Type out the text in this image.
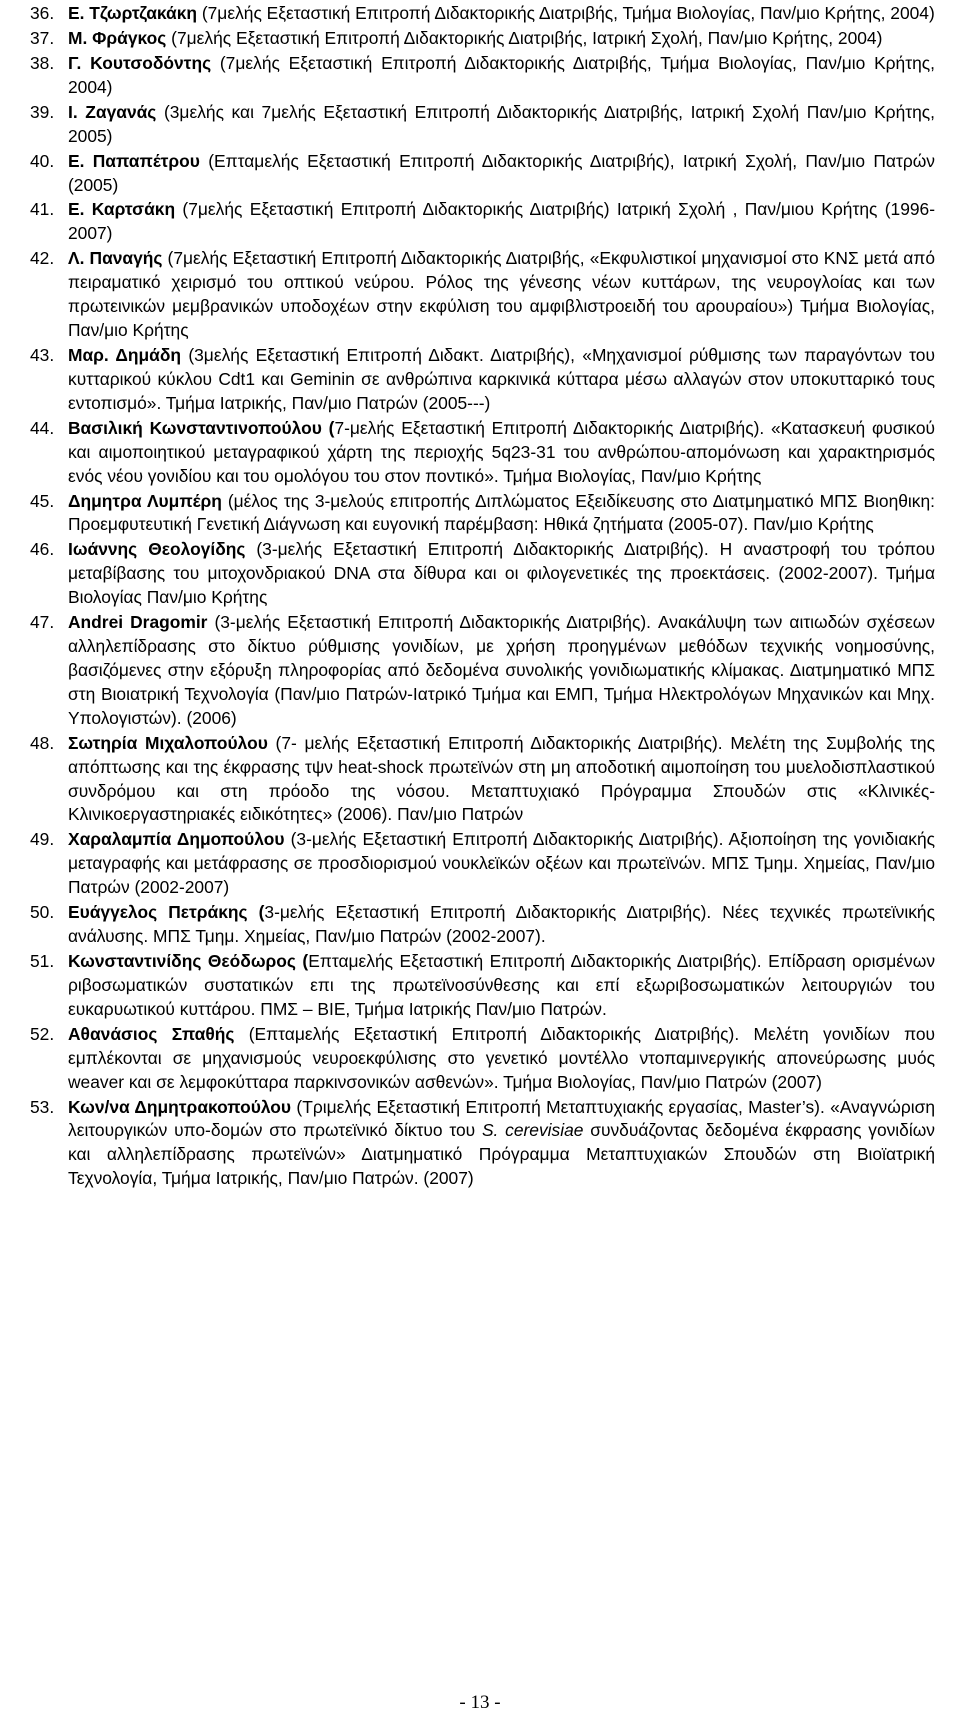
36. Ε. Τζωρτζακάκη (7μελής Εξεταστική Επιτροπή Διδακτορικής Διατριβής, Τμήμα Βιολογίας, Παν/μιο Κρήτης, 2004)
37. Μ. Φράγκος (7μελής Εξεταστική Επιτροπή Διδακτορικής Διατριβής, Ιατρική Σχολή, Παν/μιο Κρήτης, 2004)
38. Γ. Κουτσοδόντης (7μελής Εξεταστική Επιτροπή Διδακτορικής Διατριβής, Τμήμα Βιολογίας, Παν/μιο Κρήτης, 2004)
39. Ι. Ζαγανάς (3μελής και 7μελής Εξεταστική Επιτροπή Διδακτορικής Διατριβής, Ιατρική Σχολή Παν/μιο Κρήτης, 2005)
40. Ε. Παπαπέτρου (Επταμελής Εξεταστική Επιτροπή Διδακτορικής Διατριβής), Ιατρική Σχολή, Παν/μιο Πατρών (2005)
41. Ε. Καρτσάκη (7μελής Εξεταστική Επιτροπή Διδακτορικής Διατριβής) Ιατρική Σχολή , Παν/μιου Κρήτης (1996-2007)
42. Λ. Παναγής (7μελής Εξεταστική Επιτροπή Διδακτορικής Διατριβής, «Εκφυλιστικοί μηχανισμοί στο ΚΝΣ μετά από πειραματικό χειρισμό του οπτικού νεύρου. Ρόλος της γένεσης νέων κυττάρων, της νευρογλοίας και των πρωτεινικών μεμβρανικών υποδοχέων στην εκφύλιση του αμφιβλιστροειδή του αρουραίου») Τμήμα Βιολογίας, Παν/μιο Κρήτης
43. Μαρ. Δημάδη (3μελής Εξεταστική Επιτροπή Διδακτ. Διατριβής), «Μηχανισμοί ρύθμισης των παραγόντων του κυτταρικού κύκλου Cdt1 και Geminin σε ανθρώπινα καρκινικά κύτταρα μέσω αλλαγών στον υποκυτταρικό τους εντοπισμό». Τμήμα Ιατρικής, Παν/μιο Πατρών (2005---)
44. Βασιλική Κωνσταντινοπούλου (7-μελής Εξεταστική Επιτροπή Διδακτορικής Διατριβής). «Κατασκευή φυσικού και αιμοποιητικού μεταγραφικού χάρτη της περιοχής 5q23-31 του ανθρώπου-απομόνωση και χαρακτηρισμός ενός νέου γονιδίου και του ομολόγου του στον ποντικό». Τμήμα Βιολογίας, Παν/μιο Κρήτης
45. Δημητρα Λυμπέρη (μέλος της 3-μελούς επιτροπής Διπλώματος Εξειδίκευσης στο Διατμηματικό ΜΠΣ Βιοηθικη: Προεμφυτευτική Γενετική Διάγνωση και ευγονική παρέμβαση: Ηθικά ζητήματα (2005-07). Παν/μιο Κρήτης
46. Ιωάννης Θεολογίδης (3-μελής Εξεταστική Επιτροπή Διδακτορικής Διατριβής). Η αναστροφή του τρόπου μεταβίβασης του μιτοχονδριακού DNA στα δίθυρα και οι φιλογενετικές της προεκτάσεις. (2002-2007). Τμήμα Βιολογίας Παν/μιο Κρήτης
47. Andrei Dragomir (3-μελής Εξεταστική Επιτροπή Διδακτορικής Διατριβής). Ανακάλυψη των αιτιωδών σχέσεων αλληλεπίδρασης στο δίκτυο ρύθμισης γονιδίων, με χρήση προηγμένων μεθόδων τεχνικής νοημοσύνης, βασιζόμενες στην εξόρυξη πληροφορίας από δεδομένα συνολικής γονιδιωματικής κλίμακας. Διατμηματικό ΜΠΣ στη Βιοιατρική Τεχνολογία (Παν/μιο Πατρών-Ιατρικό Τμήμα και ΕΜΠ, Τμήμα Ηλεκτρολόγων Μηχανικών και Μηχ. Υπολογιστών). (2006)
48. Σωτηρία Μιχαλοπούλου (7- μελής Εξεταστική Επιτροπή Διδακτορικής Διατριβής). Μελέτη της Συμβολής της απόπτωσης και της έκφρασης τψν heat-shock πρωτεϊνών στη μη αποδοτική αιμοποίηση του μυελοδισπλαστικού συνδρόμου και στη πρόοδο της νόσου. Μεταπτυχιακό Πρόγραμμα Σπουδών στις «Κλινικές-Κλινικοεργαστηριακές ειδικότητες» (2006). Παν/μιο Πατρών
49. Χαραλαμπία Δημοπούλου (3-μελής Εξεταστική Επιτροπή Διδακτορικής Διατριβής). Αξιοποίηση της γονιδιακής μεταγραφής και μετάφρασης σε προσδιορισμού νουκλεϊκών οξέων και πρωτεϊνών. ΜΠΣ Τμημ. Χημείας, Παν/μιο Πατρών (2002-2007)
50. Ευάγγελος Πετράκης (3-μελής Εξεταστική Επιτροπή Διδακτορικής Διατριβής). Νέες τεχνικές πρωτεϊνικής ανάλυσης. ΜΠΣ Τμημ. Χημείας, Παν/μιο Πατρών (2002-2007).
51. Κωνσταντινίδης Θεόδωρος (Επταμελής Εξεταστική Επιτροπή Διδακτορικής Διατριβής). Επίδραση ορισμένων ριβοσωματικών συστατικών επι της πρωτεϊνοσύνθεσης και επί εξωριβοσωματικών λειτουργιών του ευκαρυωτικού κυττάρου. ΠΜΣ – ΒΙΕ, Τμήμα Ιατρικής Παν/μιο Πατρών.
52. Αθανάσιος Σπαθής (Επταμελής Εξεταστική Επιτροπή Διδακτορικής Διατριβής). Μελέτη γονιδίων που εμπλέκονται σε μηχανισμούς νευροεκφύλισης στο γενετικό μοντέλλο ντοπαμινεργικής απονεύρωσης μυός weaver και σε λεμφοκύτταρα παρκινσονικών ασθενών». Τμήμα Βιολογίας, Παν/μιο Πατρών (2007)
53. Κων/να Δημητρακοπούλου (Τριμελής Εξεταστική Επιτροπή Μεταπτυχιακής εργασίας, Master’s). «Αναγνώριση λειτουργικών υπο-δομών στο πρωτεϊνικό δίκτυο του S. cerevisiae συνδυάζοντας δεδομένα έκφρασης γονιδίων και αλληλεπίδρασης πρωτεϊνών» Διατμηματικό Πρόγραμμα Μεταπτυχιακών Σπουδών στη Βιοϊατρική Τεχνολογία, Τμήμα Ιατρικής, Παν/μιο Πατρών. (2007)
- 13 -
